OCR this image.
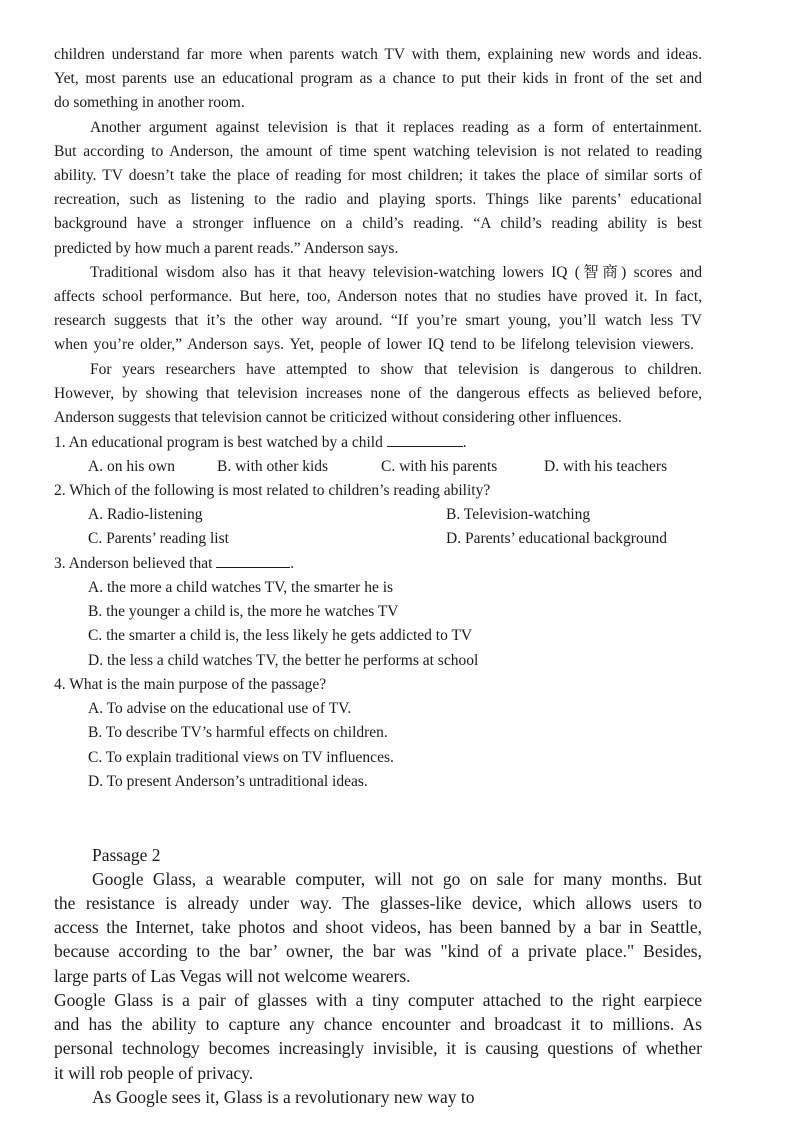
children understand far more when parents watch TV with them, explaining new words and ideas.
Yet, most parents use an educational program as a chance to put their kids in front of the set and
do something in another room.
Another argument against television is that it replaces reading as a form of entertainment.
But according to Anderson, the amount of time spent watching television is not related to reading
ability. TV doesn’t take the place of reading for most children; it takes the place of similar sorts of
recreation, such as listening to the radio and playing sports. Things like parents’ educational
background have a stronger influence on a child’s reading. “A child’s reading ability is best
predicted by how much a parent reads.” Anderson says.
Traditional wisdom also has it that heavy television-watching lowers IQ (智商) scores and
affects school performance. But here, too, Anderson notes that no studies have proved it. In fact,
research suggests that it’s the other way around. “If you’re smart young, you’ll watch less TV
when you’re older,” Anderson says. Yet, people of lower IQ tend to be lifelong television viewers.
For years researchers have attempted to show that television is dangerous to children.
However, by showing that television increases none of the dangerous effects as believed before,
Anderson suggests that television cannot be criticized without considering other influences.
1. An educational program is best watched by a child	.
A. on his own	B. with other kids	C. with his parents	D. with his teachers
2. Which of the following is most related to children’s reading ability?
A. Radio-listening	B. Television-watching
C. Parents’ reading list	D. Parents’ educational background
3. Anderson believed that	.
A. the more a child watches TV, the smarter he is
B. the younger a child is, the more he watches TV
C. the smarter a child is, the less likely he gets addicted to TV
D. the less a child watches TV, the better he performs at school
4. What is the main purpose of the passage?
A. To advise on the educational use of TV.
B. To describe TV’s harmful effects on children.
C. To explain traditional views on TV influences.
D. To present Anderson’s untraditional ideas.
Passage 2
Google Glass, a wearable computer, will not go on sale for many months. But
the resistance is already under way. The glasses-like device, which allows users to
access the Internet, take photos and shoot videos, has been banned by a bar in Seattle,
because according to the bar’ owner, the bar was "kind of a private place." Besides,
large parts of Las Vegas will not welcome wearers.
Google Glass is a pair of glasses with a tiny computer attached to the right earpiece
and has the ability to capture any chance encounter and broadcast it to millions. As
personal technology becomes increasingly invisible, it is causing questions of whether
it will rob people of privacy.
As Google sees it, Glass is a revolutionary new way to
